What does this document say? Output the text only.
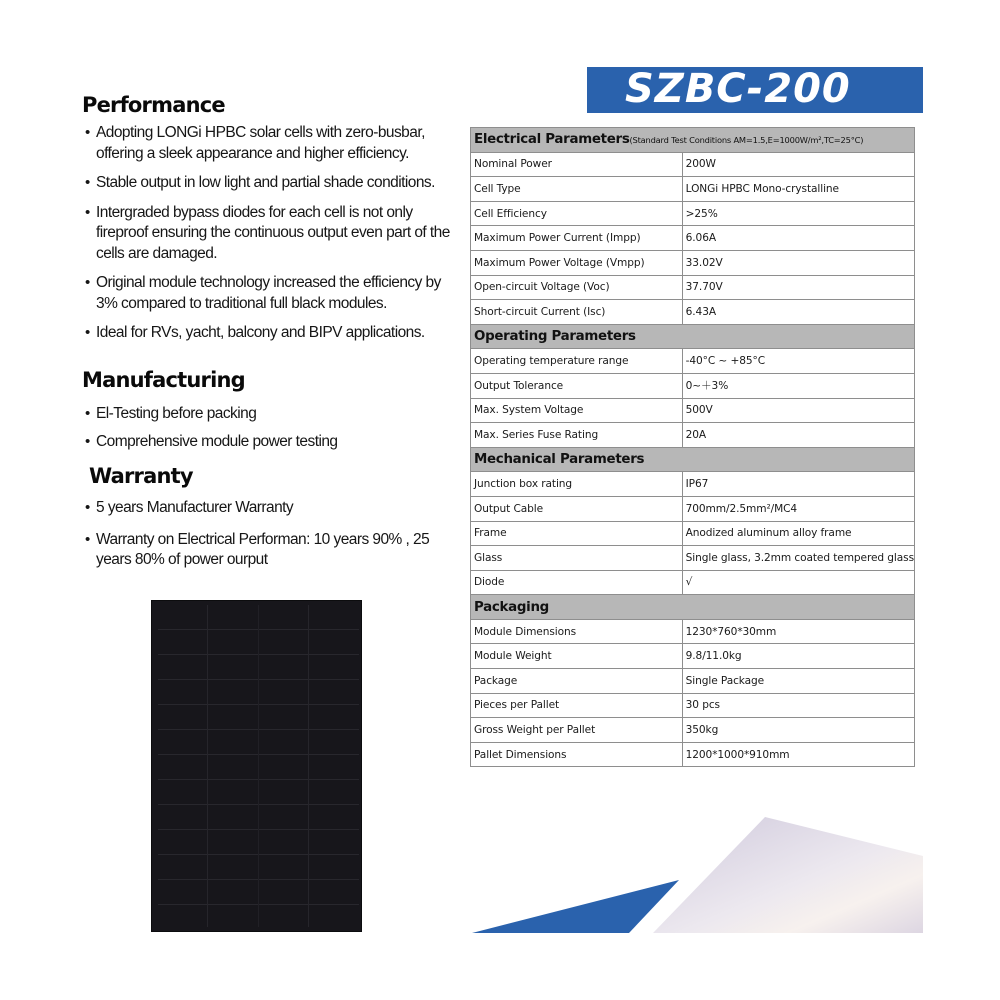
Performance
• Adopting LONGi HPBC solar cells with zero-busbar, offering a sleek appearance and higher efficiency.
• Stable output in low light and partial shade conditions.
• Intergraded bypass diodes for each cell is not only fireproof ensuring the continuous output even part of the cells are damaged.
• Original module technology increased the efficiency by 3% compared to traditional full black modules.
• Ideal for RVs, yacht, balcony and BIPV applications.
Manufacturing
• El-Testing before packing
• Comprehensive module power testing
Warranty
• 5 years Manufacturer Warranty
• Warranty on Electrical Performan: 10 years 90% , 25 years 80% of power ourput
SZBC-200
Electrical Parameters(Standard Test Conditions AM=1.5,E=1000W/m²,TC=25°C)	
Nominal Power	200W
Cell Type	LONGi HPBC Mono-crystalline
Cell Efficiency	>25%
Maximum Power Current (Impp)	6.06A
Maximum Power Voltage (Vmpp)	33.02V
Open-circuit Voltage (Voc)	37.70V
Short-circuit Current (Isc)	6.43A
Operating Parameters	
Operating temperature range	-40°C ~ +85°C
Output Tolerance	0~＋3%
Max. System Voltage	500V
Max. Series Fuse Rating	20A
Mechanical Parameters	
Junction box rating	IP67
Output Cable	700mm/2.5mm²/MC4
Frame	Anodized aluminum alloy frame
Glass	Single glass, 3.2mm coated tempered glass
Diode	√
Packaging	
Module Dimensions	1230*760*30mm
Module Weight	9.8/11.0kg
Package	Single Package
Pieces per Pallet	30 pcs
Gross Weight per Pallet	350kg
Pallet Dimensions	1200*1000*910mm
